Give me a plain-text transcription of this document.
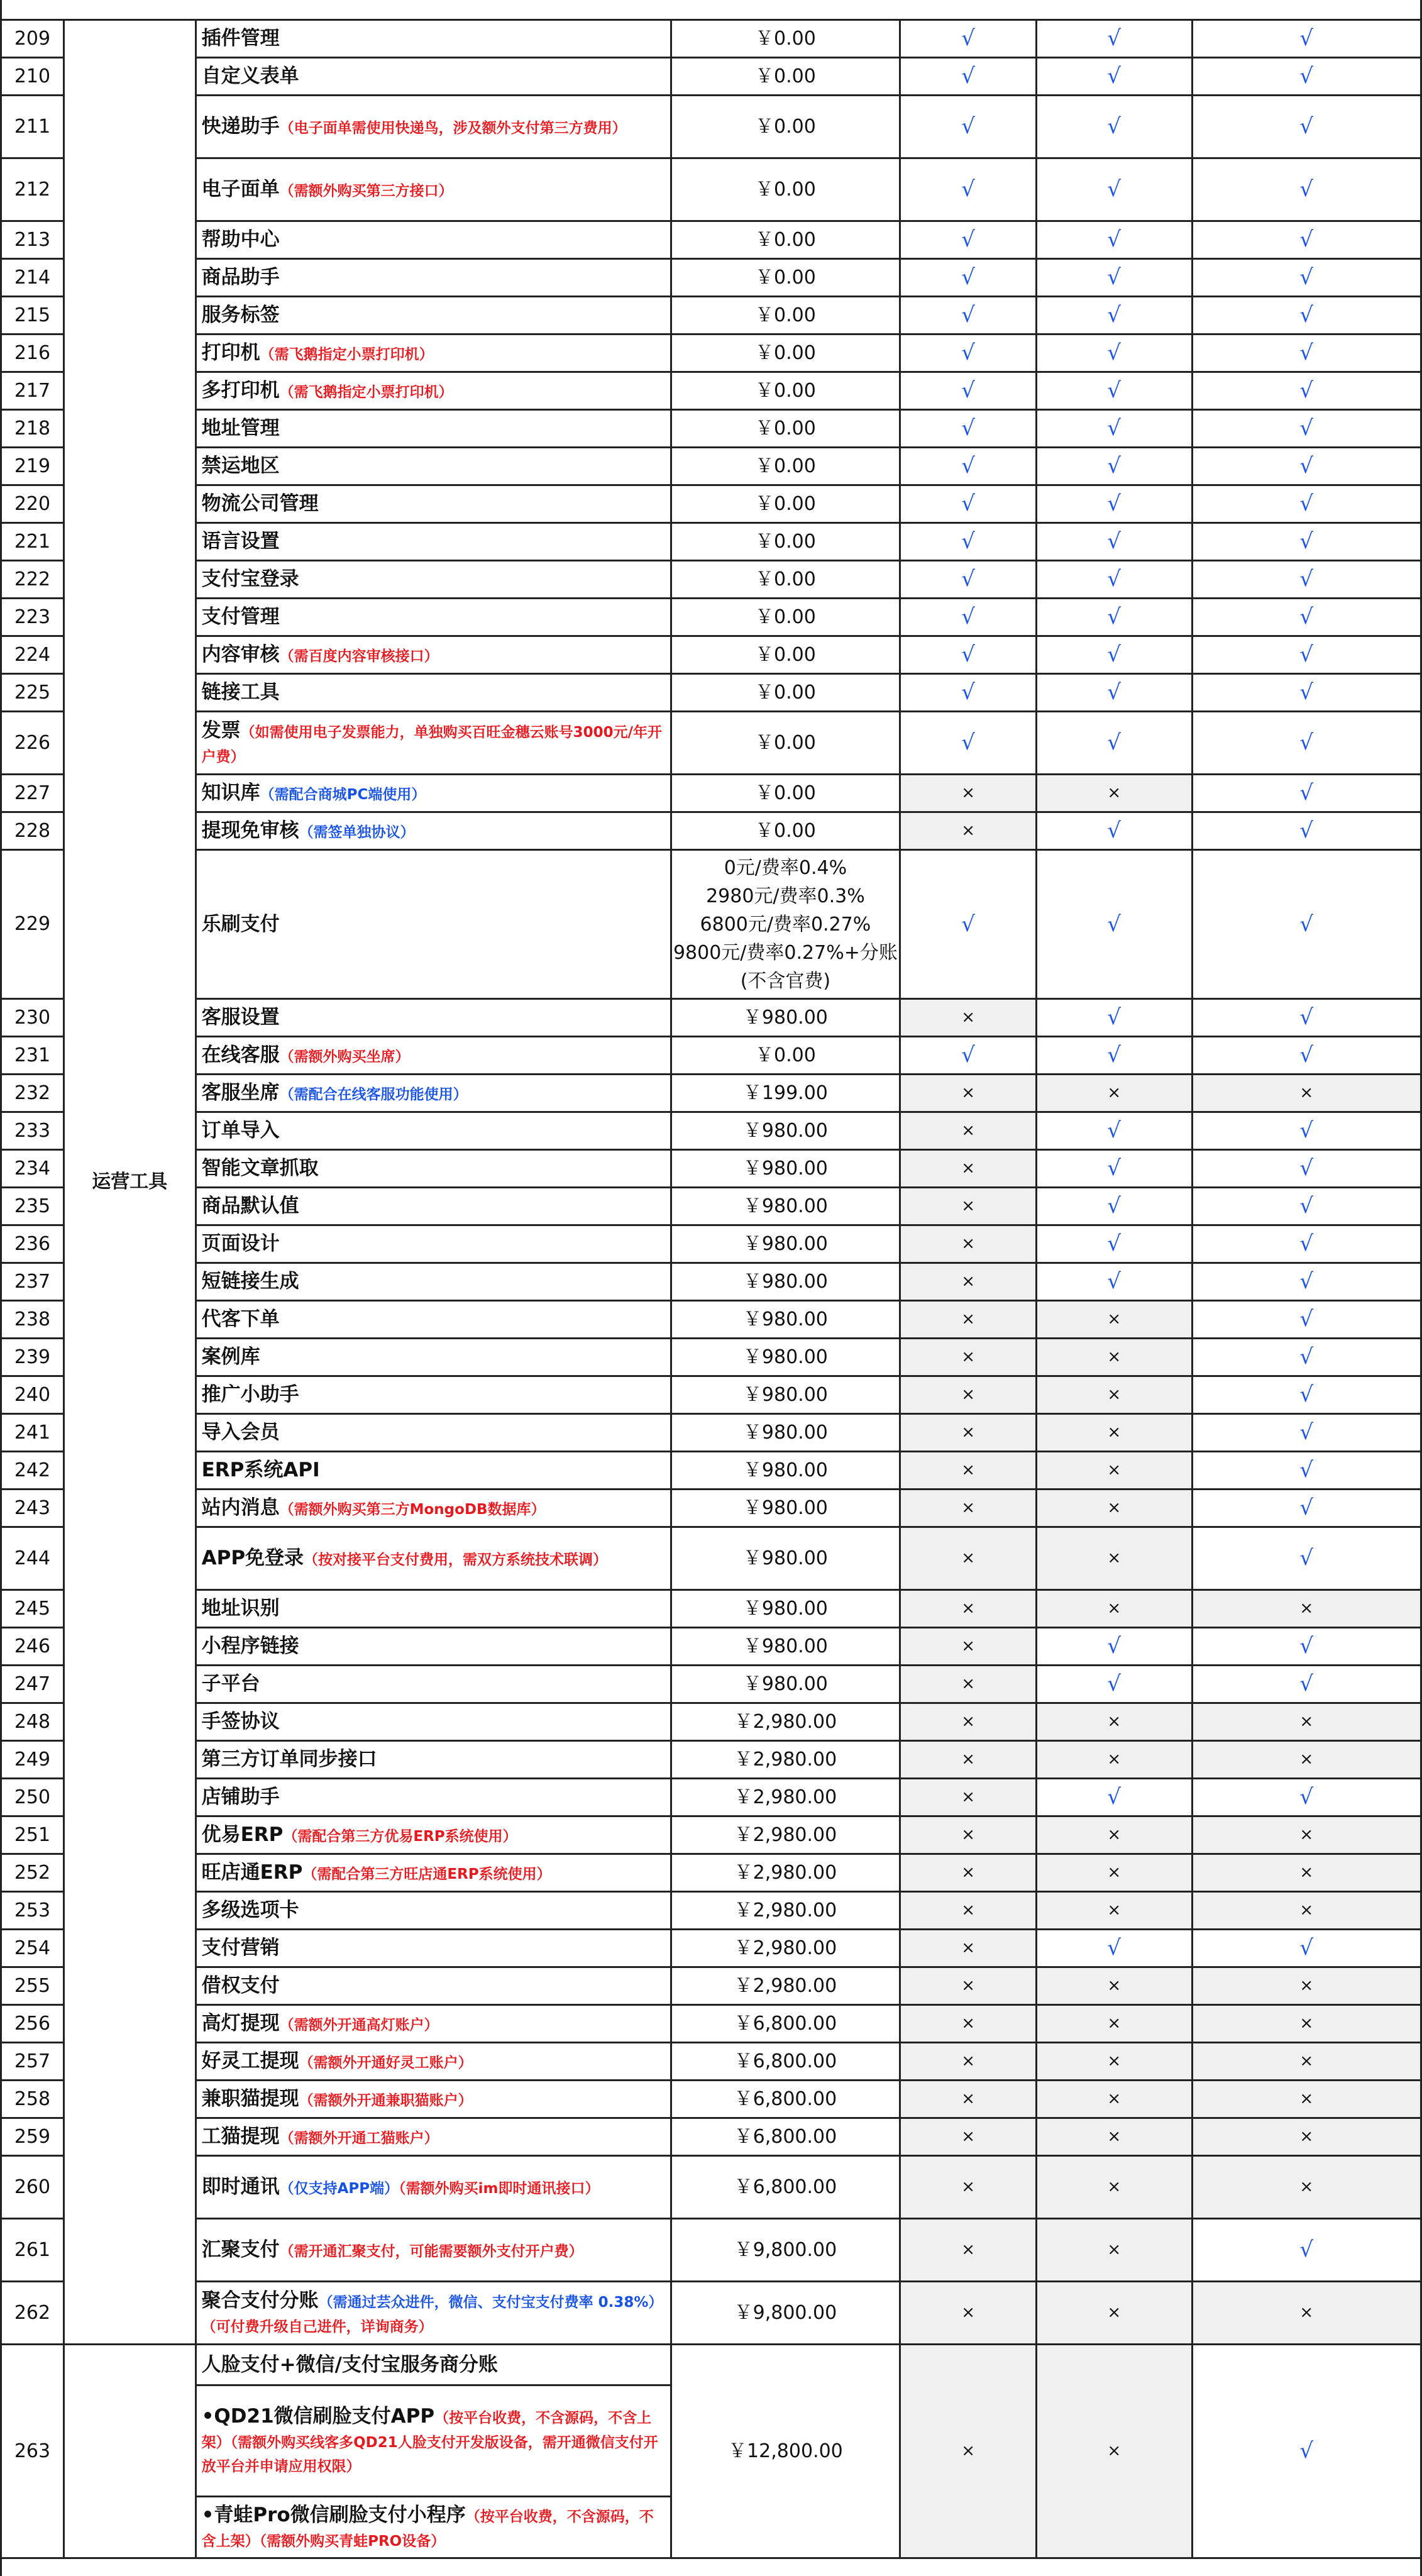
209	运营工具	插件管理	￥0.00	√	√	√
210		自定义表单	￥0.00	√	√	√
211		快递助手（电子面单需使用快递鸟，涉及额外支付第三方费用）	￥0.00	√	√	√
212		电子面单（需额外购买第三方接口）	￥0.00	√	√	√
213		帮助中心	￥0.00	√	√	√
214		商品助手	￥0.00	√	√	√
215		服务标签	￥0.00	√	√	√
216		打印机（需飞鹅指定小票打印机）	￥0.00	√	√	√
217		多打印机（需飞鹅指定小票打印机）	￥0.00	√	√	√
218		地址管理	￥0.00	√	√	√
219		禁运地区	￥0.00	√	√	√
220		物流公司管理	￥0.00	√	√	√
221		语言设置	￥0.00	√	√	√
222		支付宝登录	￥0.00	√	√	√
223		支付管理	￥0.00	√	√	√
224		内容审核（需百度内容审核接口）	￥0.00	√	√	√
225		链接工具	￥0.00	√	√	√
226		发票（如需使用电子发票能力，单独购买百旺金穗云账号3000元/年开户费）	￥0.00	√	√	√
227		知识库（需配合商城PC端使用）	￥0.00	×	×	√
228		提现免审核（需签单独协议）	￥0.00	×	√	√
229		乐刷支付	0元/费率0.4%
2980元/费率0.3%
6800元/费率0.27%
9800元/费率0.27%+分账
(不含官费)	√	√	√
230		客服设置	￥980.00	×	√	√
231		在线客服（需额外购买坐席）	￥0.00	√	√	√
232		客服坐席（需配合在线客服功能使用）	￥199.00	×	×	×
233		订单导入	￥980.00	×	√	√
234		智能文章抓取	￥980.00	×	√	√
235		商品默认值	￥980.00	×	√	√
236		页面设计	￥980.00	×	√	√
237		短链接生成	￥980.00	×	√	√
238		代客下单	￥980.00	×	×	√
239		案例库	￥980.00	×	×	√
240		推广小助手	￥980.00	×	×	√
241		导入会员	￥980.00	×	×	√
242		ERP系统API	￥980.00	×	×	√
243		站内消息（需额外购买第三方MongoDB数据库）	￥980.00	×	×	√
244		APP免登录（按对接平台支付费用，需双方系统技术联调）	￥980.00	×	×	√
245		地址识别	￥980.00	×	×	×
246		小程序链接	￥980.00	×	√	√
247		子平台	￥980.00	×	√	√
248		手签协议	￥2,980.00	×	×	×
249		第三方订单同步接口	￥2,980.00	×	×	×
250		店铺助手	￥2,980.00	×	√	√
251		优易ERP（需配合第三方优易ERP系统使用）	￥2,980.00	×	×	×
252		旺店通ERP（需配合第三方旺店通ERP系统使用）	￥2,980.00	×	×	×
253		多级选项卡	￥2,980.00	×	×	×
254		支付营销	￥2,980.00	×	√	√
255		借权支付	￥2,980.00	×	×	×
256		高灯提现（需额外开通高灯账户）	￥6,800.00	×	×	×
257		好灵工提现（需额外开通好灵工账户）	￥6,800.00	×	×	×
258		兼职猫提现（需额外开通兼职猫账户）	￥6,800.00	×	×	×
259		工猫提现（需额外开通工猫账户）	￥6,800.00	×	×	×
260		即时通讯（仅支持APP端）（需额外购买im即时通讯接口）	￥6,800.00	×	×	×
261		汇聚支付（需开通汇聚支付，可能需要额外支付开户费）	￥9,800.00	×	×	√
262		聚合支付分账（需通过芸众进件，微信、支付宝支付费率 0.38%）（可付费升级自己进件，详询商务）	￥9,800.00	×	×	×
263		人脸支付+微信/支付宝服务商分账
•QD21微信刷脸支付APP（按平台收费，不含源码，不含上架）（需额外购买线客多QD21人脸支付开发版设备，需开通微信支付开放平台并申请应用权限）
•青蛙Pro微信刷脸支付小程序（按平台收费，不含源码，不含上架）（需额外购买青蛙PRO设备）	￥12,800.00	×	×	√
